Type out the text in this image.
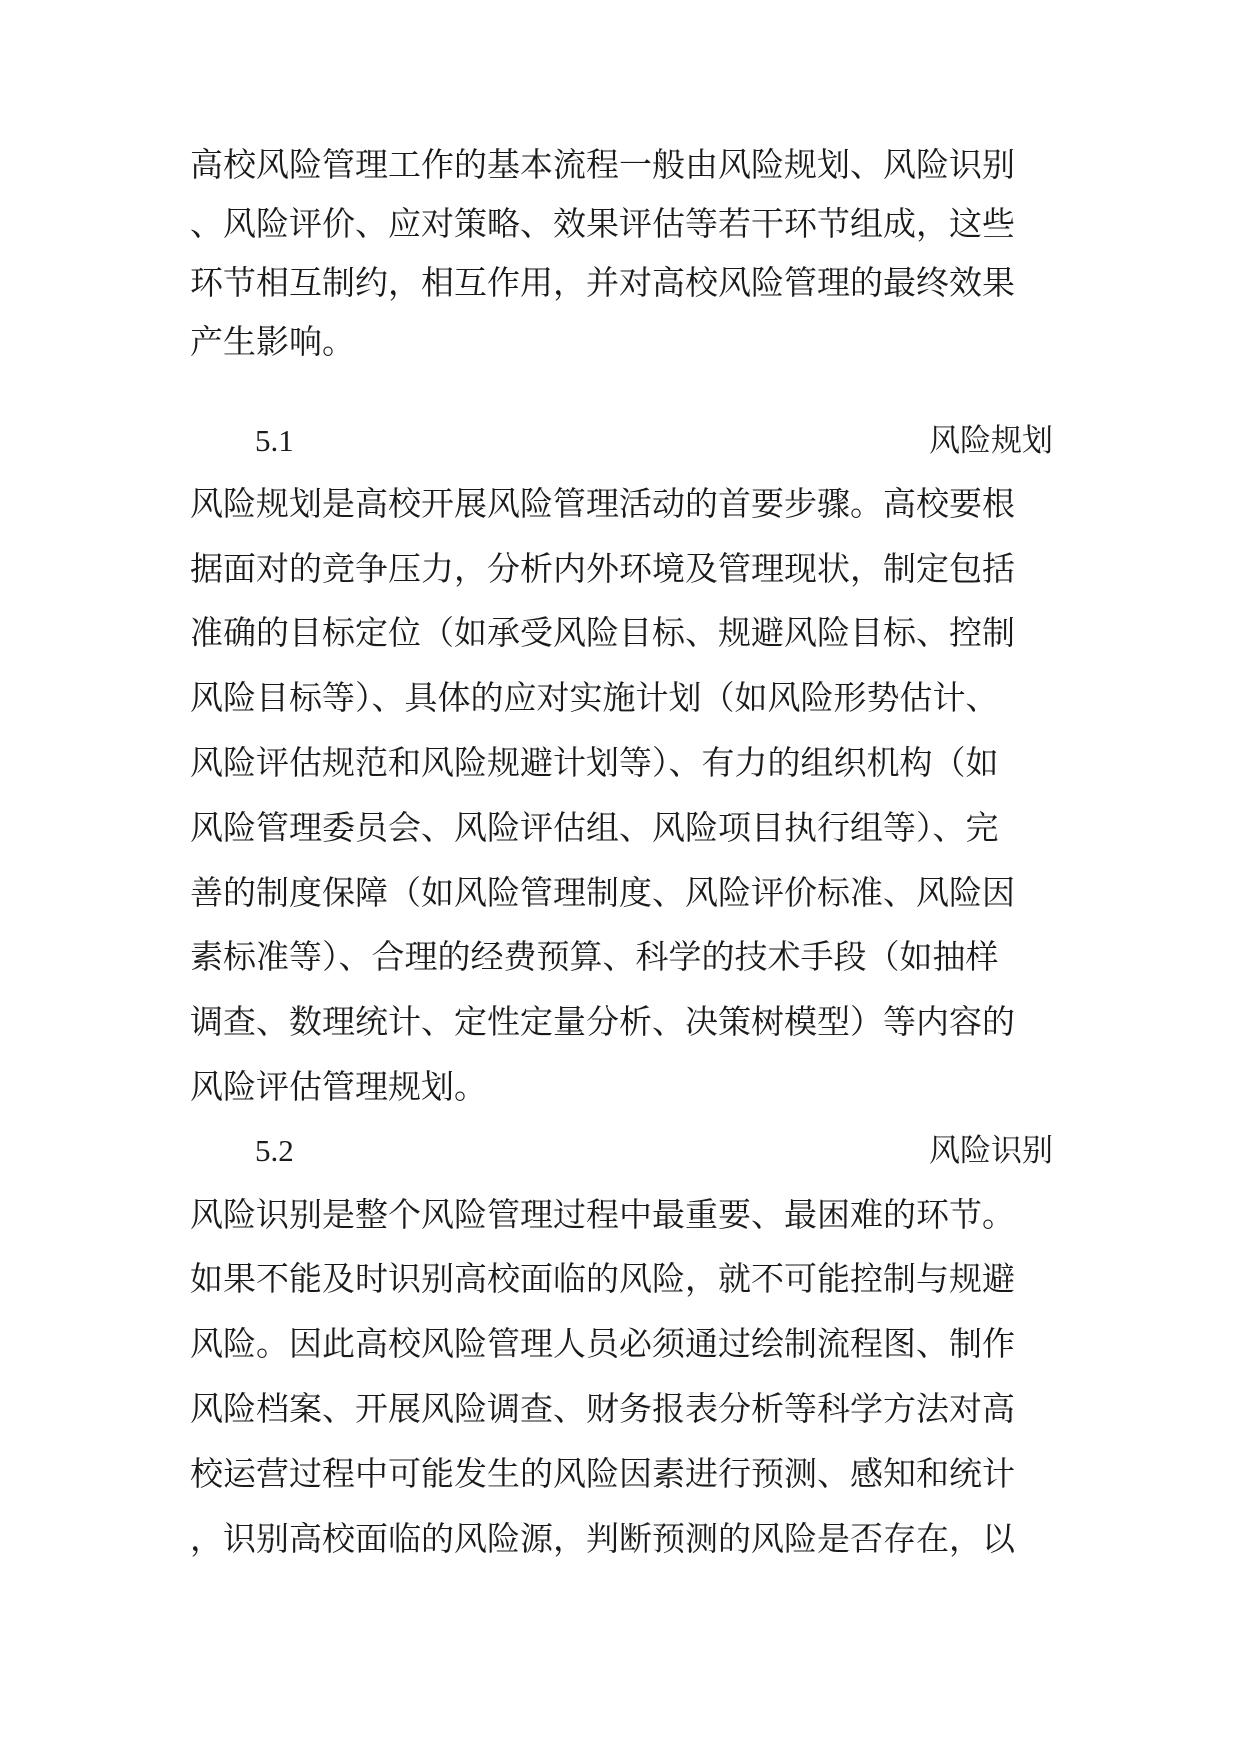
高校风险管理工作的基本流程一般由风险规划、风险识别
、风险评价、应对策略、效果评估等若干环节组成，这些
环节相互制约，相互作用，并对高校风险管理的最终效果
产生影响。
5.1	风险规划
风险规划是高校开展风险管理活动的首要步骤。高校要根
据面对的竞争压力，分析内外环境及管理现状，制定包括
准确的目标定位（如承受风险目标、规避风险目标、控制
风险目标等）、具体的应对实施计划（如风险形势估计、
风险评估规范和风险规避计划等）、有力的组织机构（如
风险管理委员会、风险评估组、风险项目执行组等）、完
善的制度保障（如风险管理制度、风险评价标准、风险因
素标准等）、合理的经费预算、科学的技术手段（如抽样
调查、数理统计、定性定量分析、决策树模型）等内容的
风险评估管理规划。
5.2	风险识别
风险识别是整个风险管理过程中最重要、最困难的环节。
如果不能及时识别高校面临的风险，就不可能控制与规避
风险。因此高校风险管理人员必须通过绘制流程图、制作
风险档案、开展风险调查、财务报表分析等科学方法对高
校运营过程中可能发生的风险因素进行预测、感知和统计
，识别高校面临的风险源，判断预测的风险是否存在，以
